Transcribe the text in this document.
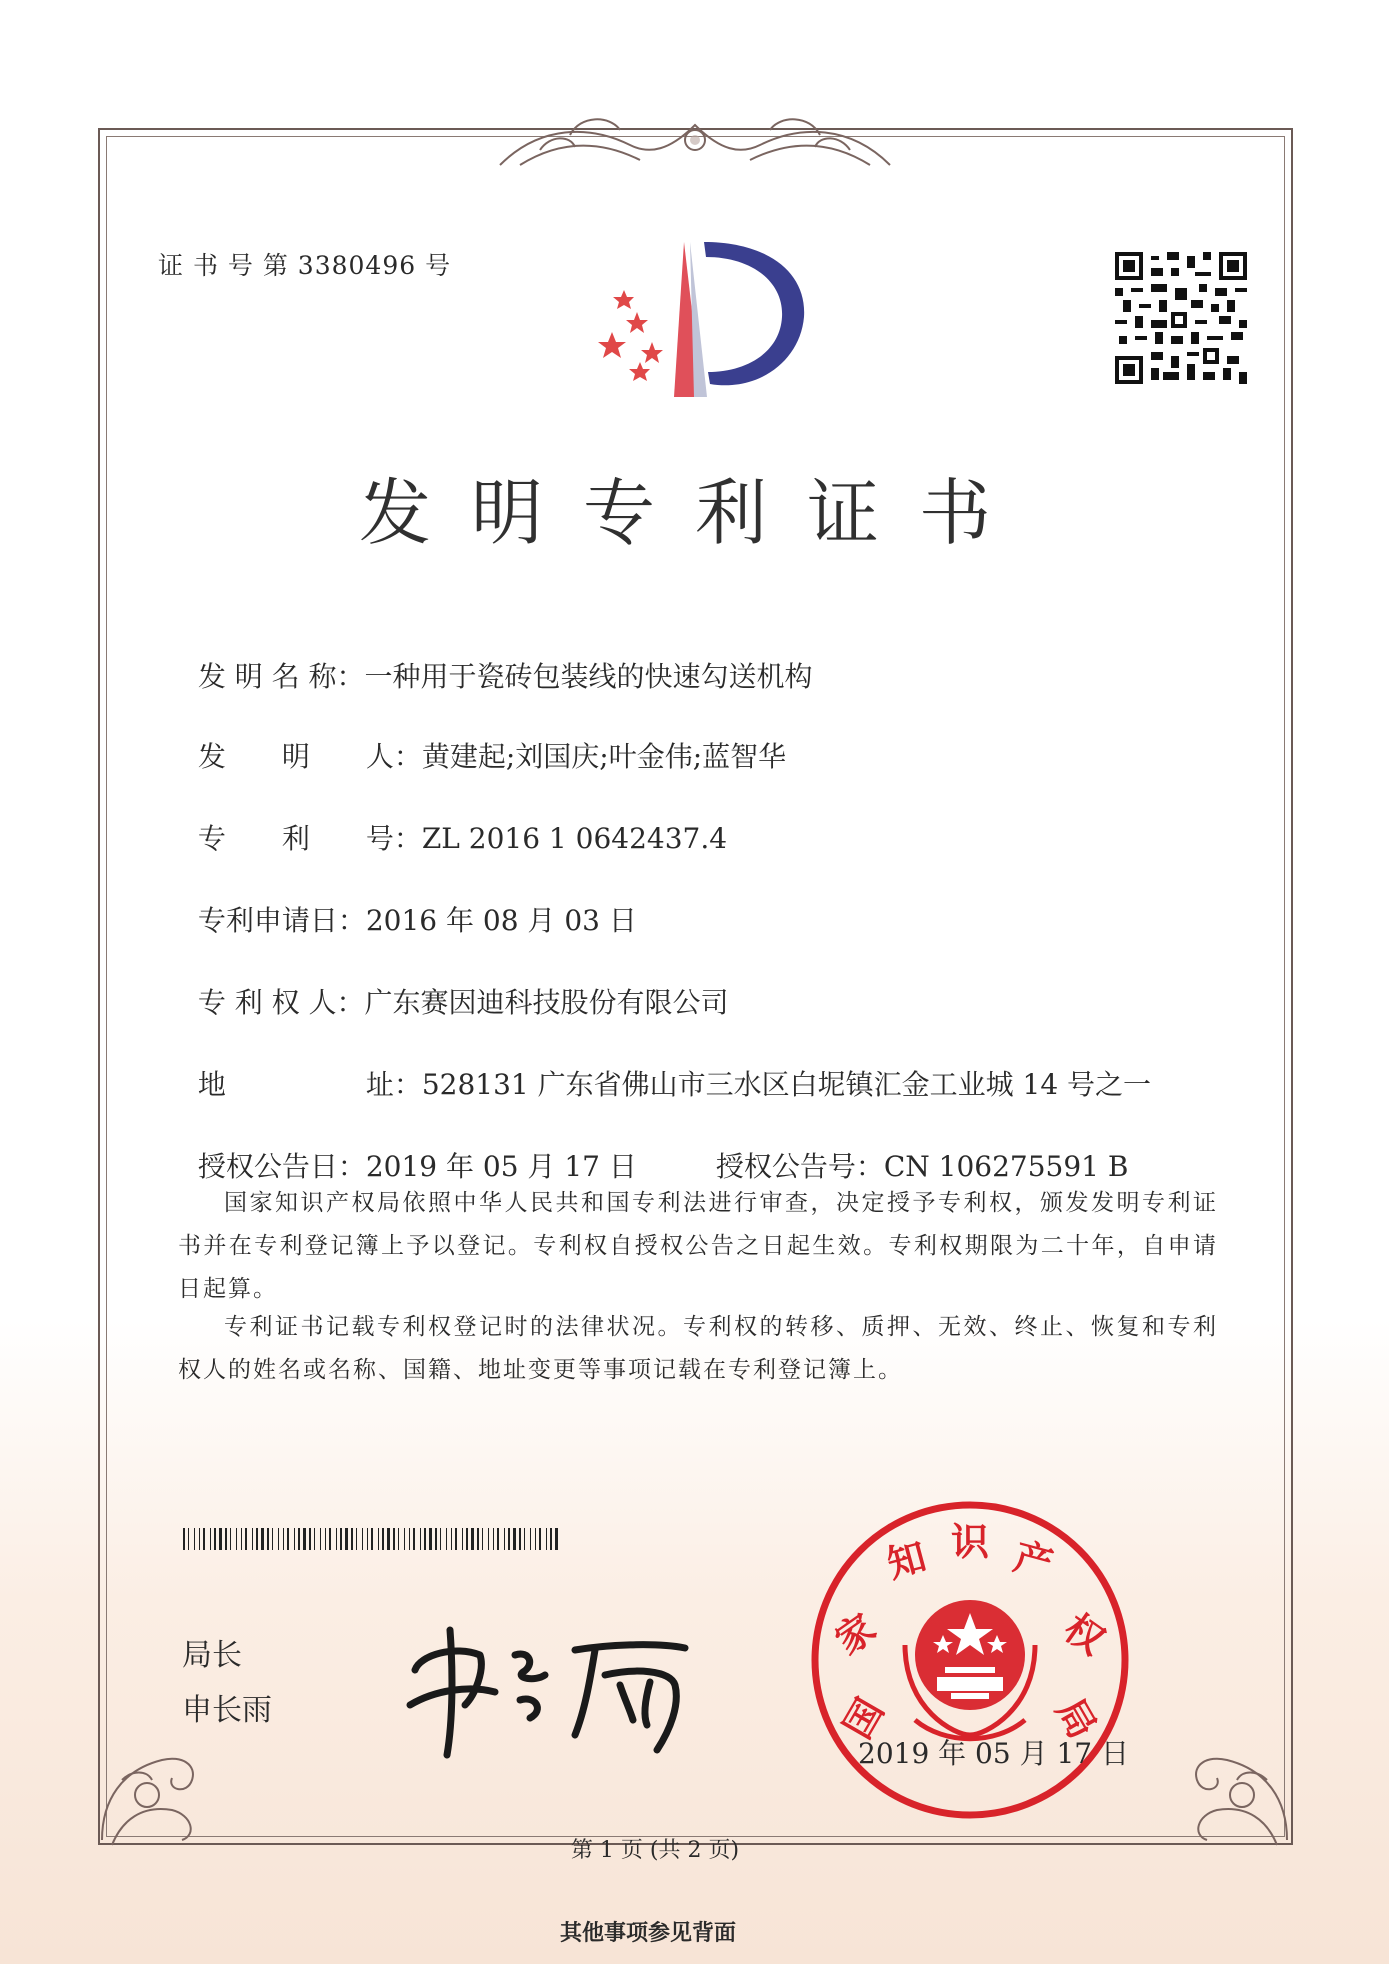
证 书 号 第 3380496 号
发明专利证书

发 明 名 称：一种用于瓷砖包装线的快速勾送机构

发　　明　　人：黄建起;刘国庆;叶金伟;蓝智华

专　　利　　号：ZL 2016 1 0642437.4

专利申请日：2016 年 08 月 03 日

专 利 权 人：广东赛因迪科技股份有限公司

地　　　　　址：528131 广东省佛山市三水区白坭镇汇金工业城 14 号之一

授权公告日：2019 年 05 月 17 日	授权公告号：CN 106275591 B

国家知识产权局依照中华人民共和国专利法进行审查，决定授予专利权，颁发发明专利证书并在专利登记簿上予以登记。专利权自授权公告之日起生效。专利权期限为二十年，自申请日起算。
专利证书记载专利权登记时的法律状况。专利权的转移、质押、无效、终止、恢复和专利权人的姓名或名称、国籍、地址变更等事项记载在专利登记簿上。
局长
申长雨	国
家
知 识 产
权
局
2019 年 05 月 17 日
第 1 页 (共 2 页)
其他事项参见背面
